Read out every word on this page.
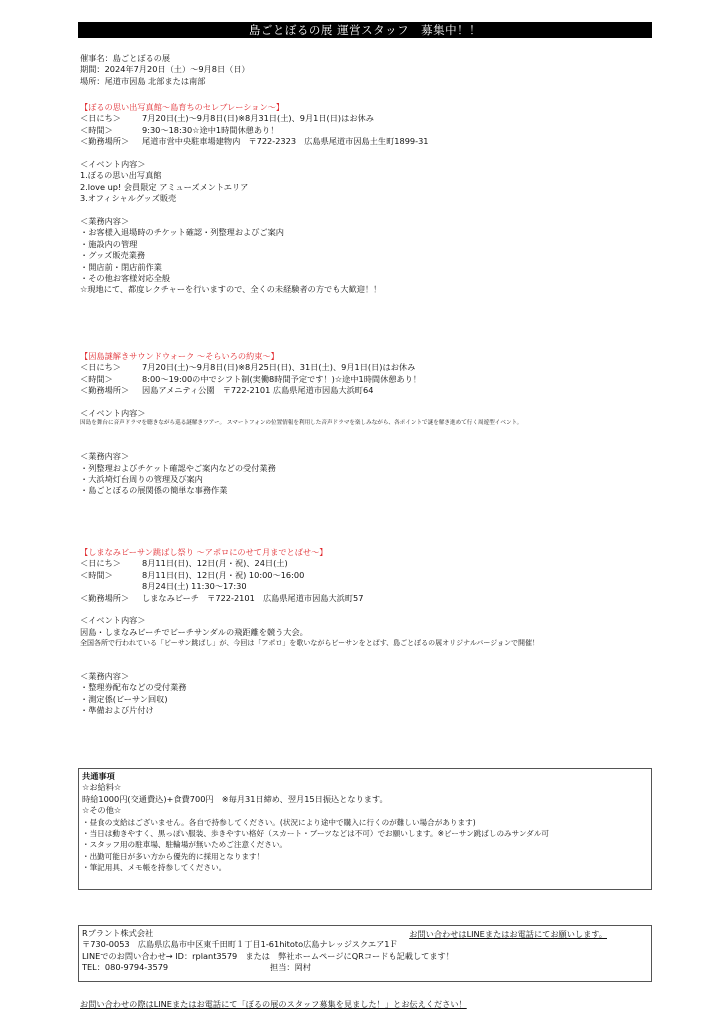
島ごとぼるの展 運営スタッフ　募集中！！
催事名：島ごとぼるの展
期間：2024年7月20日（土）～9月8日（日）
場所：尾道市因島 北部または南部
【ぼるの思い出写真館～島育ちのセレブレーション～】
＜日にち＞	7月20日(土)～9月8日(日)※8月31日(土)、9月1日(日)はお休み
＜時間＞	9:30～18:30☆途中1時間休憩あり！
＜勤務場所＞ 尾道市営中央駐車場建物内　〒722-2323　広島県尾道市因島土生町1899-31
＜イベント内容＞
1.ぼるの思い出写真館
2.love up! 会員限定 アミューズメントエリア
3.オフィシャルグッズ販売
＜業務内容＞
・お客様入退場時のチケット確認・列整理およびご案内
・施設内の管理
・グッズ販売業務
・開店前・閉店前作業
・その他お客様対応全般
☆現地にて、都度レクチャーを行いますので、全くの未経験者の方でも大歓迎！！
【因島謎解きサウンドウォーク ～そらいろの約束～】
＜日にち＞	7月20日(土)～9月8日(日)※8月25日(日)、31日(土)、9月1日(日)はお休み
＜時間＞	8:00～19:00の中でシフト制(実働8時間予定です！)☆途中1時間休憩あり！
＜勤務場所＞ 因島アメニティ公園　〒722-2101 広島県尾道市因島大浜町64
＜イベント内容＞
因島を舞台に音声ドラマを聴きながら巡る謎解きツアー。 スマートフォンの位置情報を利用した音声ドラマを楽しみながら、各ポイントで謎を解き進めて行く周遊型イベント。
＜業務内容＞
・列整理およびチケット確認やご案内などの受付業務
・大浜埼灯台周りの管理及び案内
・島ごとぼるの展関係の簡単な事務作業
【しまなみビーサン跳ばし祭り ～アポロにのせて月までとばせ～】
＜日にち＞	8月11日(日)、12日(月・祝)、24日(土)
＜時間＞	8月11日(日)、12日(月・祝) 10:00～16:00
8月24日(土) 11:30～17:30
＜勤務場所＞ しまなみビーチ　〒722-2101　広島県尾道市因島大浜町57
＜イベント内容＞
因島・しまなみビーチでビーチサンダルの飛距離を競う大会。
全国各所で行われている「ビーサン跳ばし」が、今回は「アポロ」を歌いながらビーサンをとばす、島ごとぼるの展オリジナルバージョンで開催！
＜業務内容＞
・整理券配布などの受付業務
・測定係(ビーサン回収)
・準備および片付け
共通事項
☆お給料☆
時給1000円(交通費込)+食費700円　※毎月31日締め、翌月15日振込となります。
☆その他☆
・昼食の支給はございません。各自で持参してください。(状況により途中で購入に行くのが難しい場合があります)
・当日は動きやすく、黒っぽい服装、歩きやすい格好（スカート・ブーツなどは不可）でお願いします。※ビーサン跳ばしのみサンダル可
・スタッフ用の駐車場、駐輪場が無いためご注意ください。
・出勤可能日が多い方から優先的に採用となります！
・筆記用具、メモ帳を持参してください。
Rプラント株式会社
〒730-0053　広島県広島市中区東千田町１丁目1-61hitoto広島ナレッジスクエア1Ｆ
LINEでのお問い合わせ→ ID：rplant3579　または　弊社ホームページにQRコードも記載してます！
TEL：080-9794-3579	担当：岡村
お問い合わせはLINEまたはお電話にてお願いします。
お問い合わせの際はLINEまたはお電話にて「ぼるの展のスタッフ募集を見ました！」とお伝えください！
